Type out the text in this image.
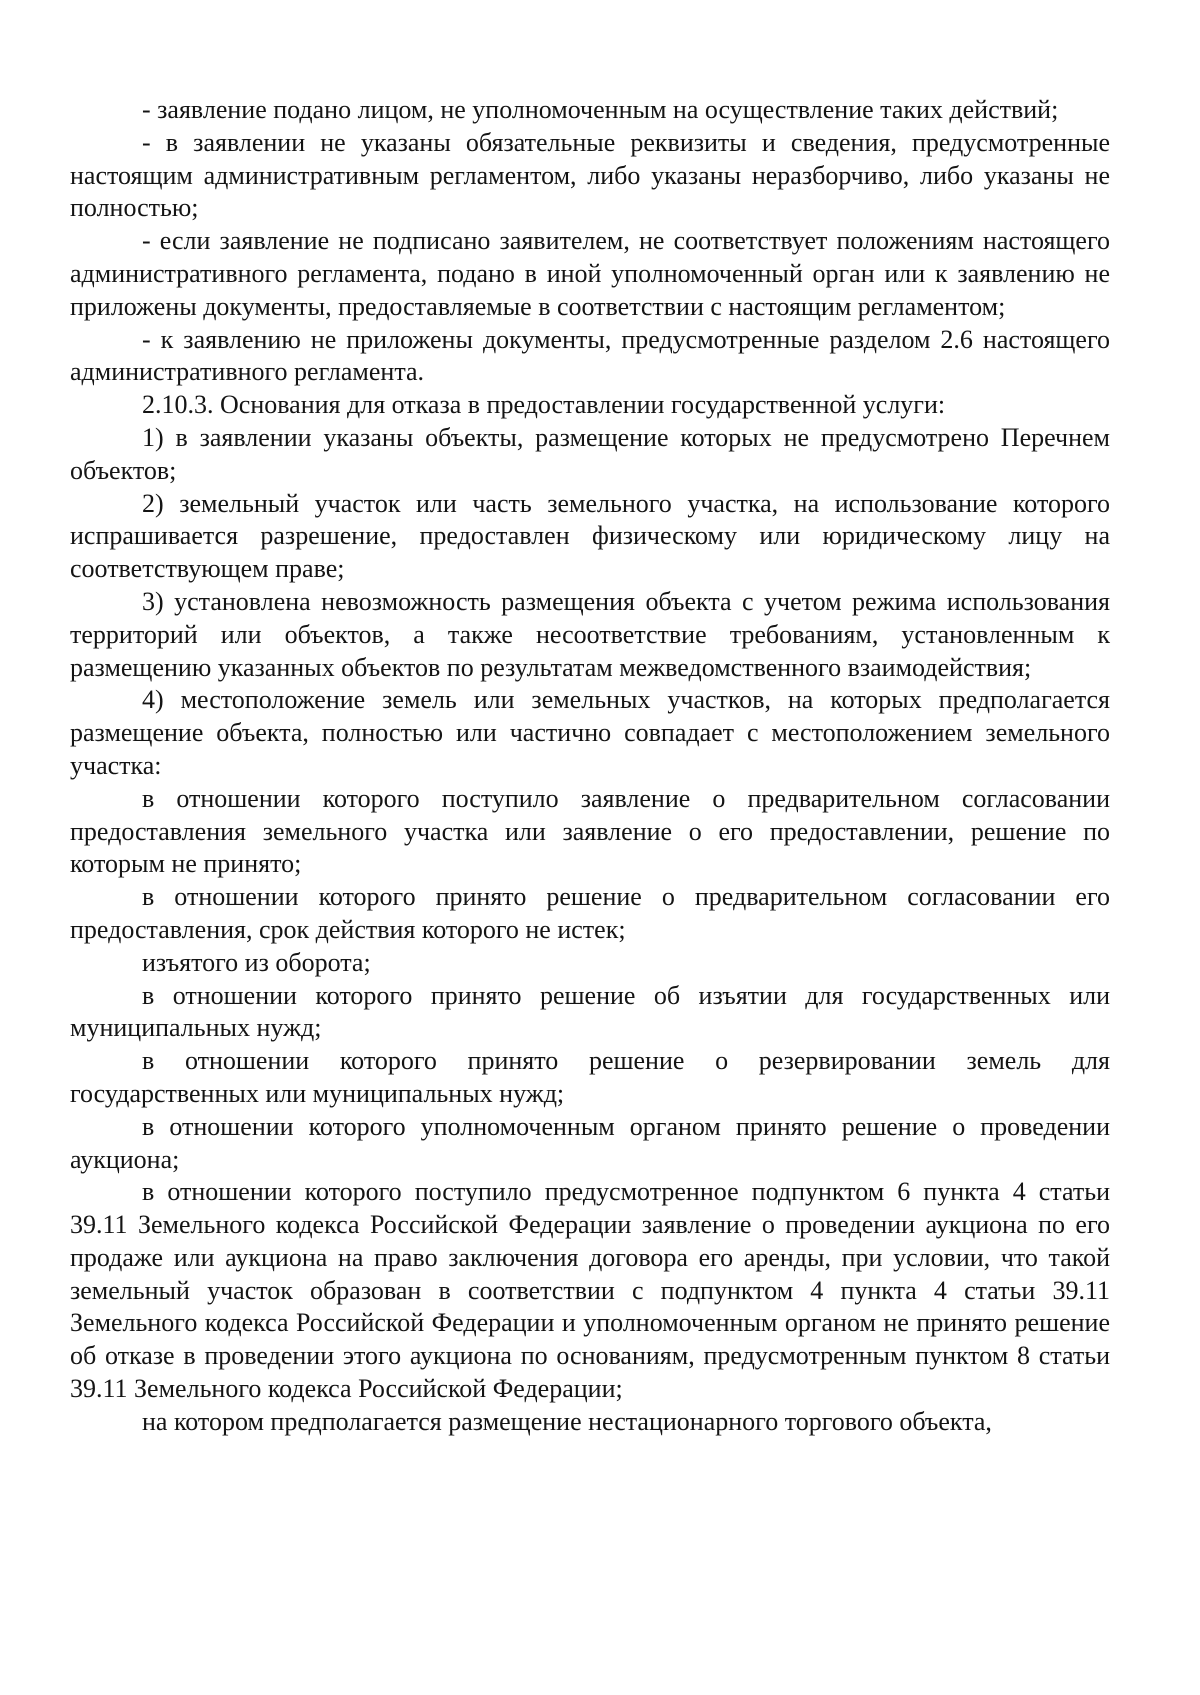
- заявление подано лицом, не уполномоченным на осуществление таких действий;

- в заявлении не указаны обязательные реквизиты и сведения, предусмотренные настоящим административным регламентом, либо указаны неразборчиво, либо указаны не полностью;

- если заявление не подписано заявителем, не соответствует положениям настоящего административного регламента, подано в иной уполномоченный орган или к заявлению не приложены документы, предоставляемые в соответствии с настоящим регламентом;

- к заявлению не приложены документы, предусмотренные разделом 2.6 настоящего административного регламента.

2.10.3. Основания для отказа в предоставлении государственной услуги:

1) в заявлении указаны объекты, размещение которых не предусмотрено Перечнем объектов;

2) земельный участок или часть земельного участка, на использование которого испрашивается разрешение, предоставлен физическому или юридическому лицу на соответствующем праве;

3) установлена невозможность размещения объекта с учетом режима использования территорий или объектов, а также несоответствие требованиям, установленным к размещению указанных объектов по результатам межведомственного взаимодействия;

4) местоположение земель или земельных участков, на которых предполагается размещение объекта, полностью или частично совпадает с местоположением земельного участка:

в отношении которого поступило заявление о предварительном согласовании предоставления земельного участка или заявление о его предоставлении, решение по которым не принято;

в отношении которого принято решение о предварительном согласовании его предоставления, срок действия которого не истек;

изъятого из оборота;

в отношении которого принято решение об изъятии для государственных или муниципальных нужд;

в отношении которого принято решение о резервировании земель для государственных или муниципальных нужд;

в отношении которого уполномоченным органом принято решение о проведении аукциона;

в отношении которого поступило предусмотренное подпунктом 6 пункта 4 статьи 39.11 Земельного кодекса Российской Федерации заявление о проведении аукциона по его продаже или аукциона на право заключения договора его аренды, при условии, что такой земельный участок образован в соответствии с подпунктом 4 пункта 4 статьи 39.11 Земельного кодекса Российской Федерации и уполномоченным органом не принято решение об отказе в проведении этого аукциона по основаниям, предусмотренным пунктом 8 статьи 39.11 Земельного кодекса Российской Федерации;

на котором предполагается размещение нестационарного торгового объекта,
